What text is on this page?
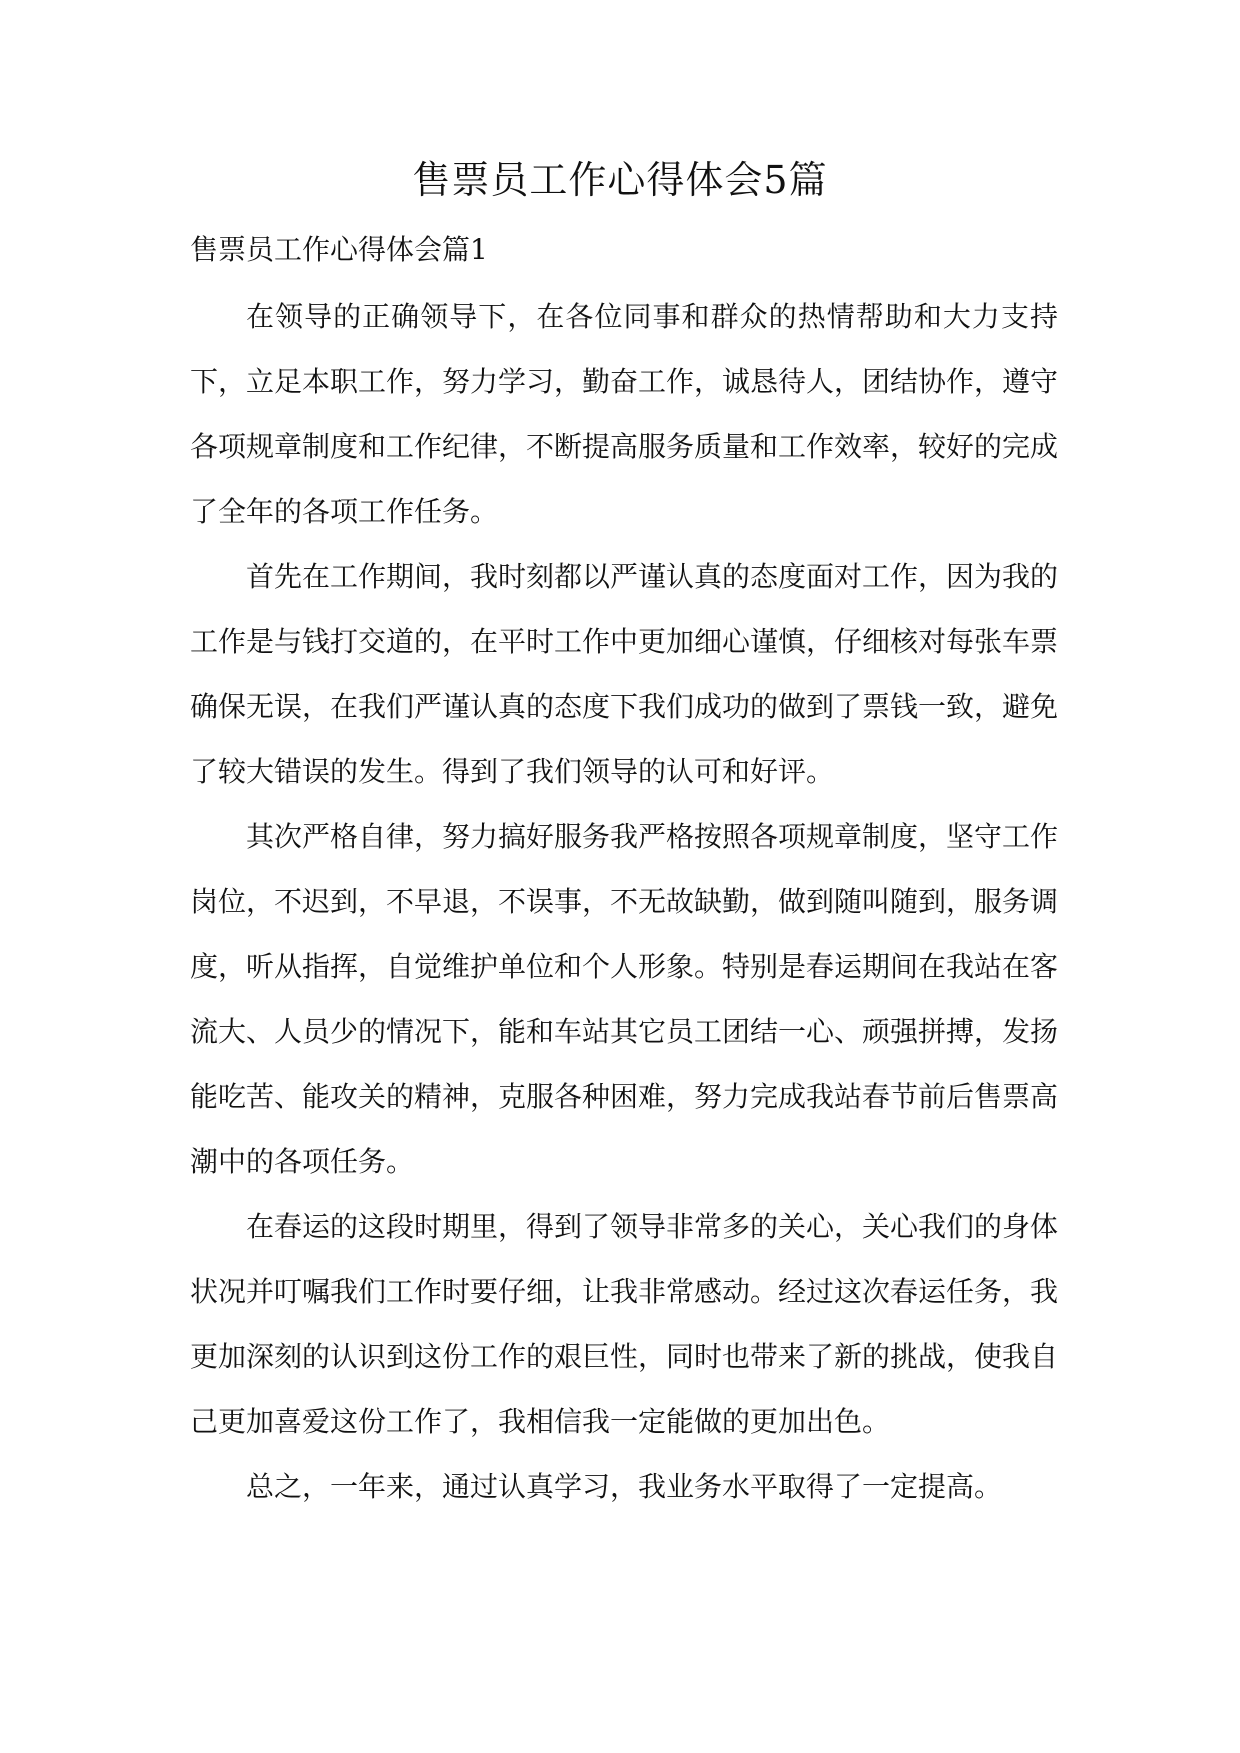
售票员工作心得体会5篇
售票员工作心得体会篇1

在领导的正确领导下，在各位同事和群众的热情帮助和大力支持下，立足本职工作，努力学习，勤奋工作，诚恳待人，团结协作，遵守各项规章制度和工作纪律，不断提高服务质量和工作效率，较好的完成了全年的各项工作任务。

首先在工作期间，我时刻都以严谨认真的态度面对工作，因为我的工作是与钱打交道的，在平时工作中更加细心谨慎，仔细核对每张车票确保无误，在我们严谨认真的态度下我们成功的做到了票钱一致，避免了较大错误的发生。得到了我们领导的认可和好评。

其次严格自律，努力搞好服务我严格按照各项规章制度，坚守工作岗位，不迟到，不早退，不误事，不无故缺勤，做到随叫随到，服务调度，听从指挥，自觉维护单位和个人形象。特别是春运期间在我站在客流大、人员少的情况下，能和车站其它员工团结一心、顽强拼搏，发扬能吃苦、能攻关的精神，克服各种困难，努力完成我站春节前后售票高潮中的各项任务。

在春运的这段时期里，得到了领导非常多的关心，关心我们的身体状况并叮嘱我们工作时要仔细，让我非常感动。经过这次春运任务，我更加深刻的认识到这份工作的艰巨性，同时也带来了新的挑战，使我自己更加喜爱这份工作了，我相信我一定能做的更加出色。

总之，一年来，通过认真学习，我业务水平取得了一定提高。
